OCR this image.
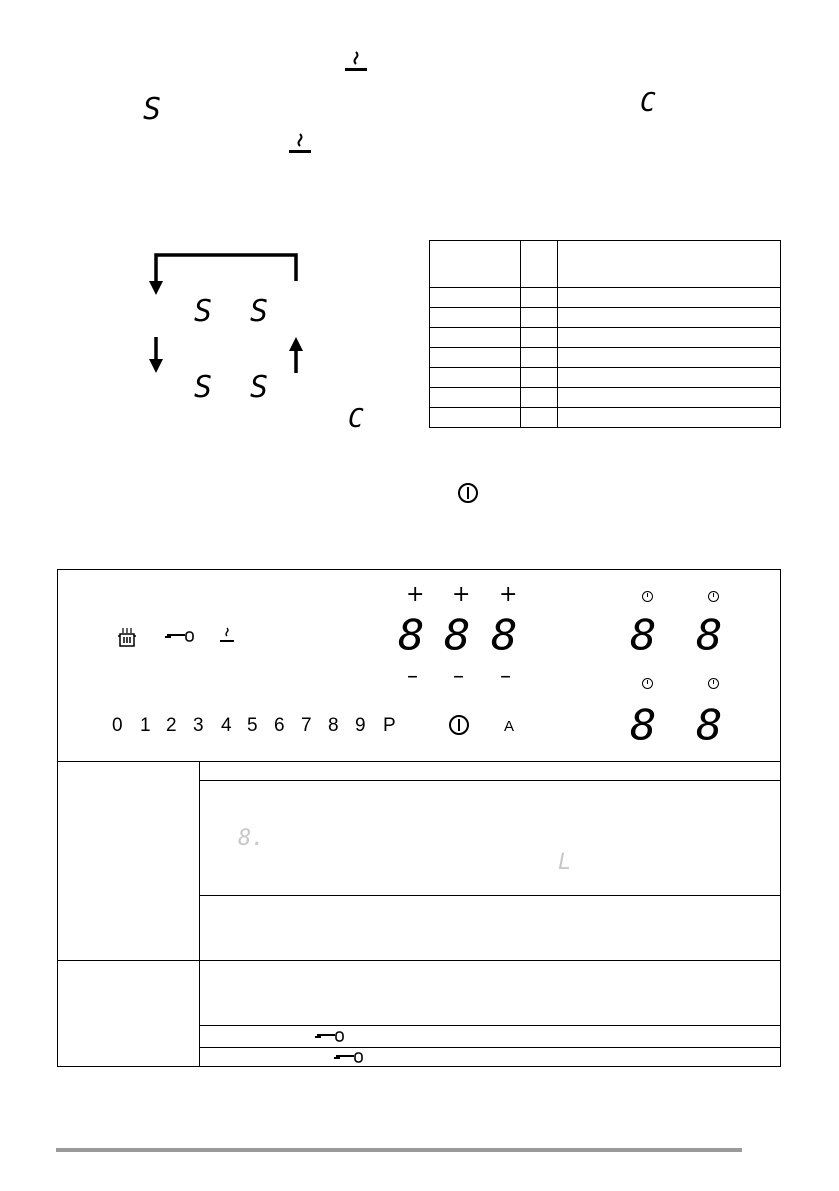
S	C
S S
S S
C

+ + +
8 8 8
– – –
8 8
8 8
0 1 2 3 4 5 6 7 8 9 P	A
8.
L
